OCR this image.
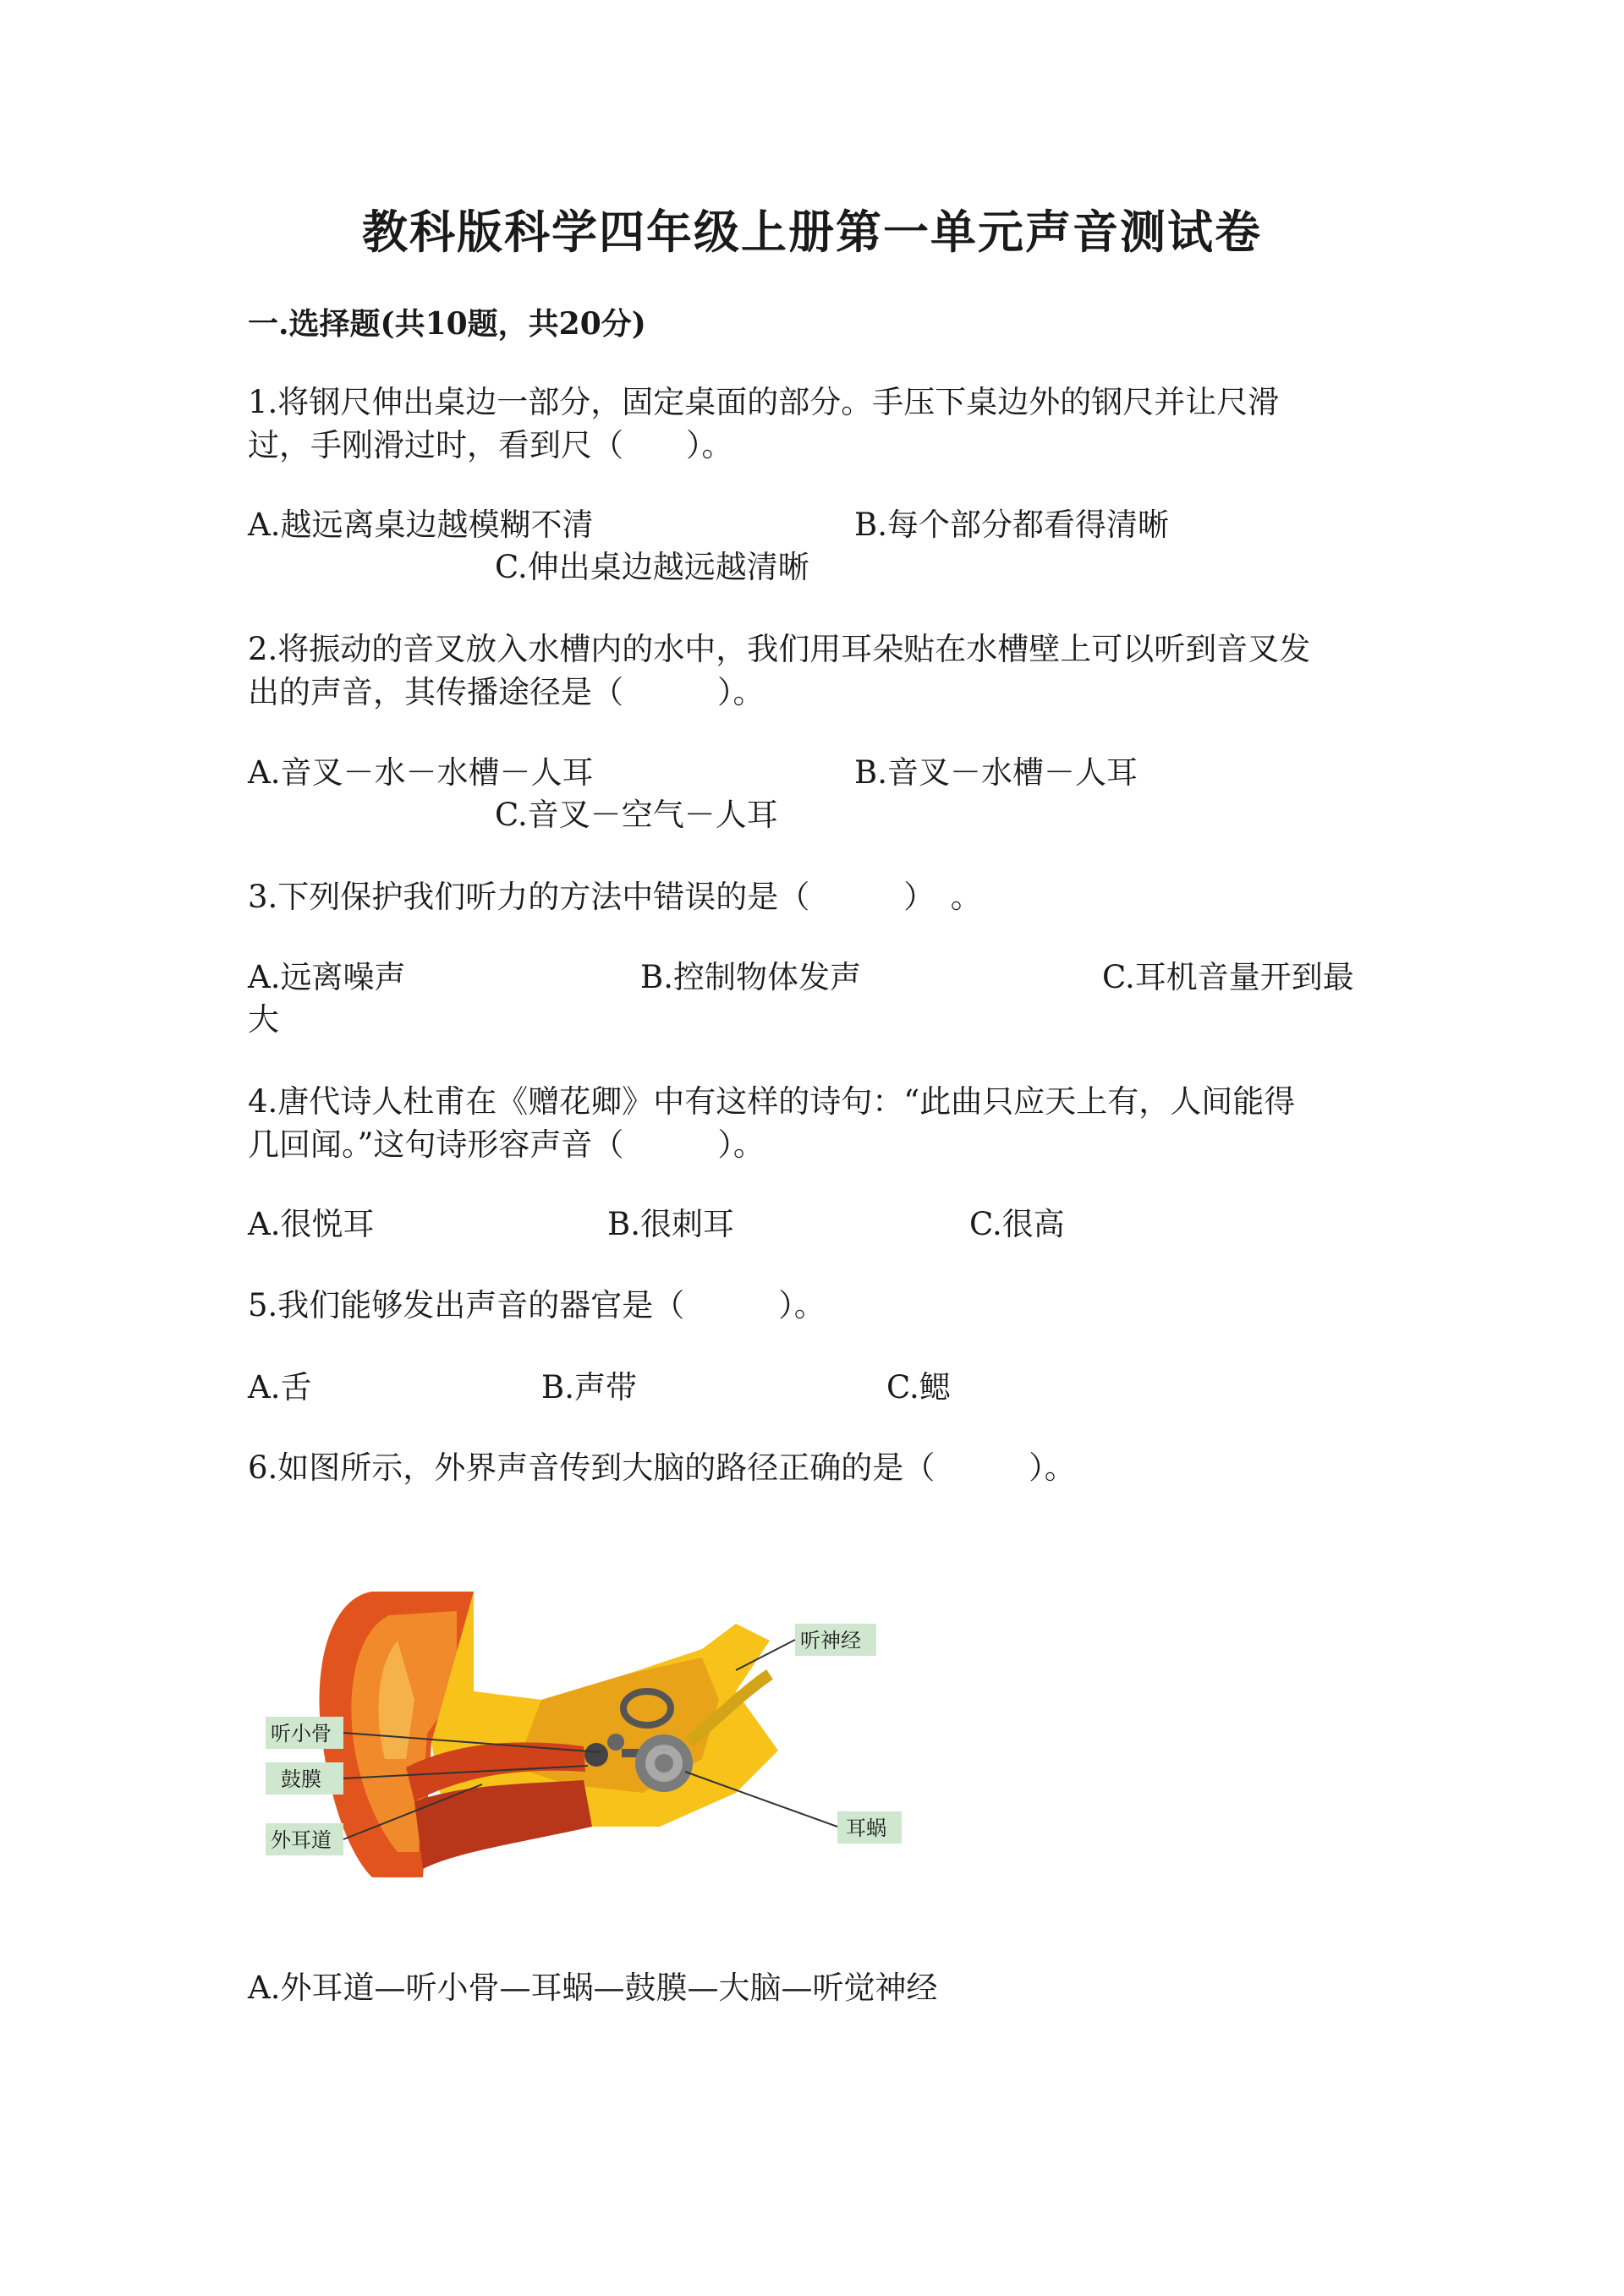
教科版科学四年级上册第一单元声音测试卷
一.选择题(共10题，共20分)
1.将钢尺伸出桌边一部分，固定桌面的部分。手压下桌边外的钢尺并让尺滑
过，手刚滑过时，看到尺（　　）。
A.越远离桌边越模糊不清	B.每个部分都看得清晰
C.伸出桌边越远越清晰
2.将振动的音叉放入水槽内的水中，我们用耳朵贴在水槽壁上可以听到音叉发
出的声音，其传播途径是（　　　）。
A.音叉－水－水槽－人耳	B.音叉－水槽－人耳
C.音叉－空气－人耳
3.下列保护我们听力的方法中错误的是（　　　）　。
A.远离噪声	B.控制物体发声	C.耳机音量开到最
大
4.唐代诗人杜甫在《赠花卿》中有这样的诗句：“此曲只应天上有，人间能得
几回闻。”这句诗形容声音（　　　）。
A.很悦耳	B.很刺耳	C.很高
5.我们能够发出声音的器官是（　　　）。
A.舌	B.声带	C.鳃
6.如图所示，外界声音传到大脑的路径正确的是（　　　）。
听小骨
鼓膜
外耳道
听神经
耳蜗
A.外耳道—听小骨—耳蜗—鼓膜—大脑—听觉神经
